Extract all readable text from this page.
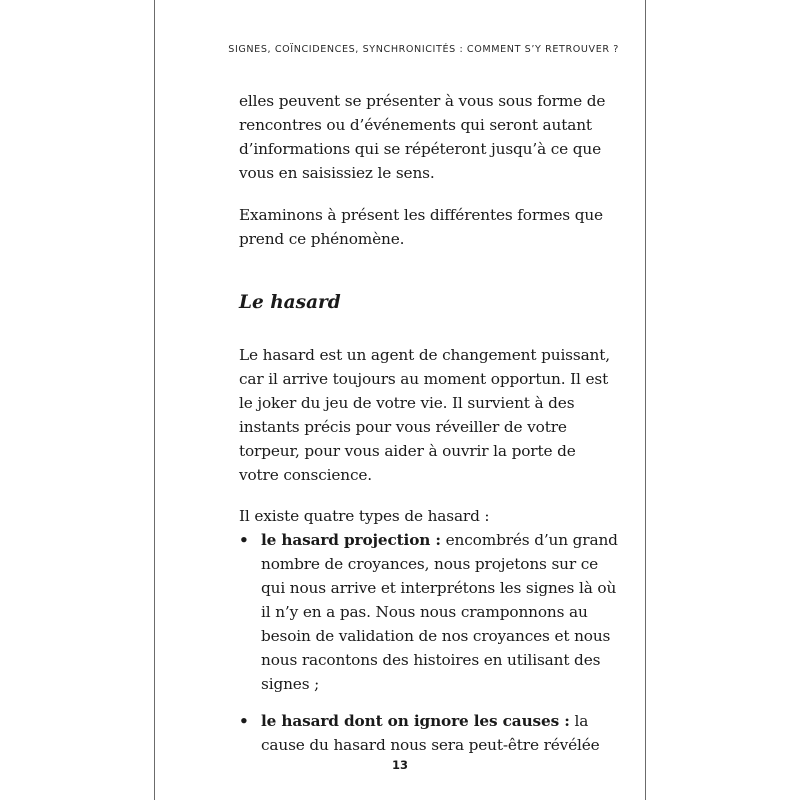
SIGNES, COÏNCIDENCES, SYNCHRONICITÉS : COMMENT S’Y RETROUVER ?

elles peuvent se présenter à vous sous forme de rencontres ou d’événements qui seront autant d’informations qui se répéteront jusqu’à ce que vous en saisissiez le sens.

Examinons à présent les différentes formes que prend ce phénomène.

Le hasard

Le hasard est un agent de changement puissant, car il arrive toujours au moment opportun. Il est le joker du jeu de votre vie. Il survient à des instants précis pour vous réveiller de votre torpeur, pour vous aider à ouvrir la porte de votre conscience.

Il existe quatre types de hasard :

• le hasard projection : encombrés d’un grand nombre de croyances, nous projetons sur ce qui nous arrive et interprétons les signes là où il n’y en a pas. Nous nous cramponnons au besoin de validation de nos croyances et nous nous racontons des histoires en utilisant des signes ;
• le hasard dont on ignore les causes : la cause du hasard nous sera peut-être révélée
13
